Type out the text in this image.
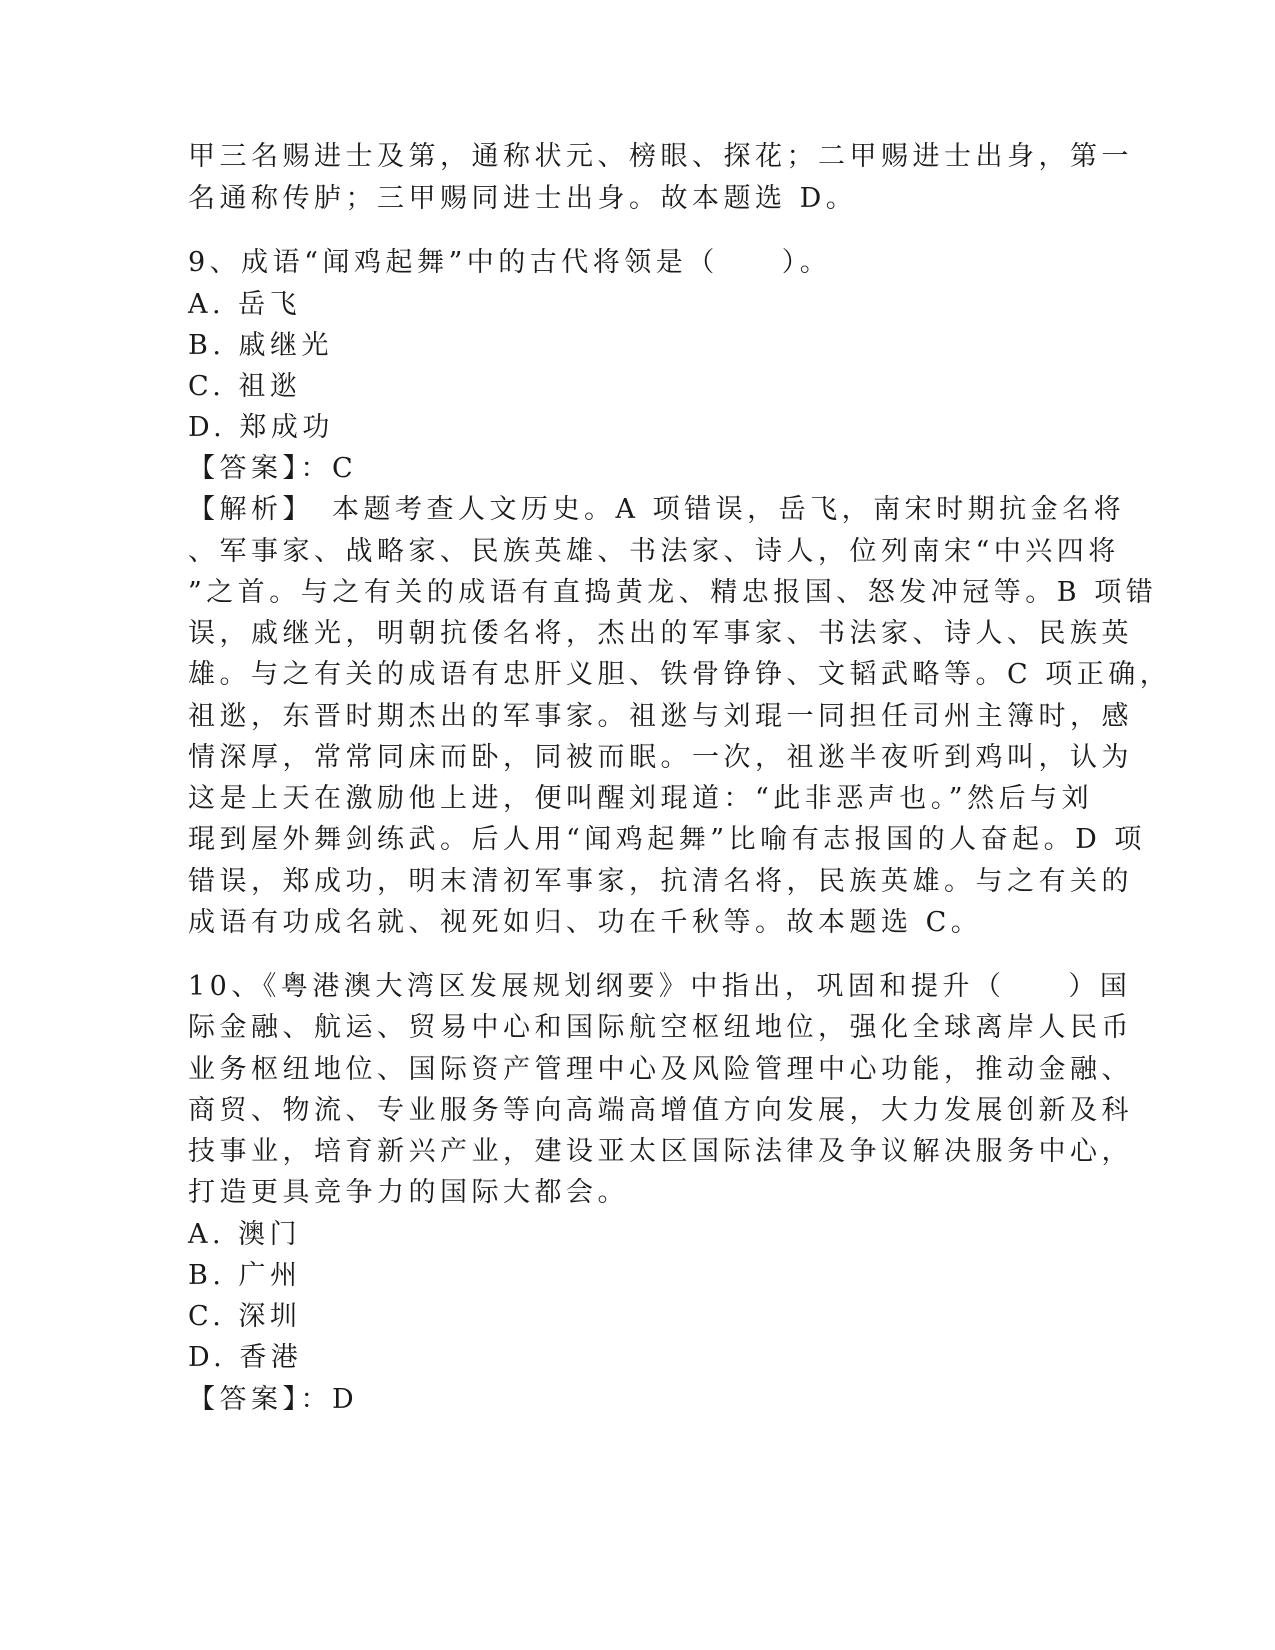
甲三名赐进士及第，通称状元、榜眼、探花；二甲赐进士出身，第一

名通称传胪；三甲赐同进士出身。故本题选 D。

9、成语“闻鸡起舞”中的古代将领是（　　）。

A. 岳飞

B. 戚继光

C. 祖逖

D. 郑成功

【答案】：C

【解析】　本题考查人文历史。A 项错误，岳飞，南宋时期抗金名将

、军事家、战略家、民族英雄、书法家、诗人，位列南宋“中兴四将

”之首。与之有关的成语有直捣黄龙、精忠报国、怒发冲冠等。B 项错

误，戚继光，明朝抗倭名将，杰出的军事家、书法家、诗人、民族英

雄。与之有关的成语有忠肝义胆、铁骨铮铮、文韬武略等。C 项正确，

祖逖，东晋时期杰出的军事家。祖逖与刘琨一同担任司州主簿时，感

情深厚，常常同床而卧，同被而眠。一次，祖逖半夜听到鸡叫，认为

这是上天在激励他上进，便叫醒刘琨道：“此非恶声也。”然后与刘

琨到屋外舞剑练武。后人用“闻鸡起舞”比喻有志报国的人奋起。D 项

错误，郑成功，明末清初军事家，抗清名将，民族英雄。与之有关的

成语有功成名就、视死如归、功在千秋等。故本题选 C。

10、《粤港澳大湾区发展规划纲要》中指出，巩固和提升（　　）国

际金融、航运、贸易中心和国际航空枢纽地位，强化全球离岸人民币

业务枢纽地位、国际资产管理中心及风险管理中心功能，推动金融、

商贸、物流、专业服务等向高端高增值方向发展，大力发展创新及科

技事业，培育新兴产业，建设亚太区国际法律及争议解决服务中心，

打造更具竞争力的国际大都会。

A. 澳门

B. 广州

C. 深圳

D. 香港

【答案】：D
